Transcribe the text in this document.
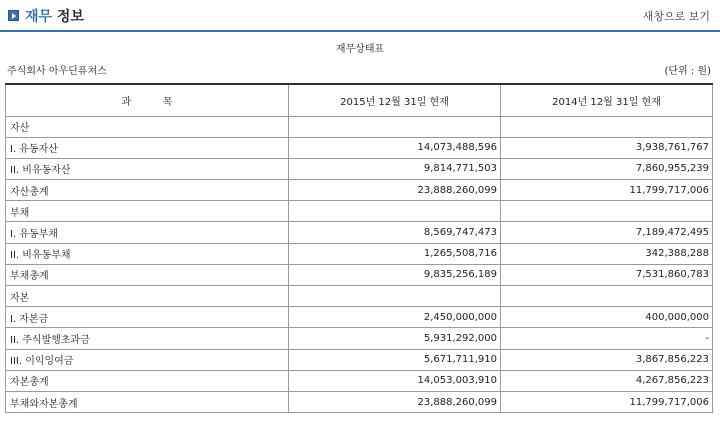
재무 정보	새창으로 보기
재무상태표
주식회사 아우딘퓨쳐스	(단위 : 원)
과          목	2015년 12월 31일 현재	2014년 12월 31일 현재
자산		
I. 유동자산	14,073,488,596	3,938,761,767
II. 비유동자산	9,814,771,503	7,860,955,239
자산총계	23,888,260,099	11,799,717,006
부채		
I. 유동부채	8,569,747,473	7,189,472,495
II. 비유동부채	1,265,508,716	342,388,288
부채총계	9,835,256,189	7,531,860,783
자본		
I. 자본금	2,450,000,000	400,000,000
II. 주식발행초과금	5,931,292,000	-
III. 이익잉여금	5,671,711,910	3,867,856,223
자본총계	14,053,003,910	4,267,856,223
부채와자본총계	23,888,260,099	11,799,717,006
